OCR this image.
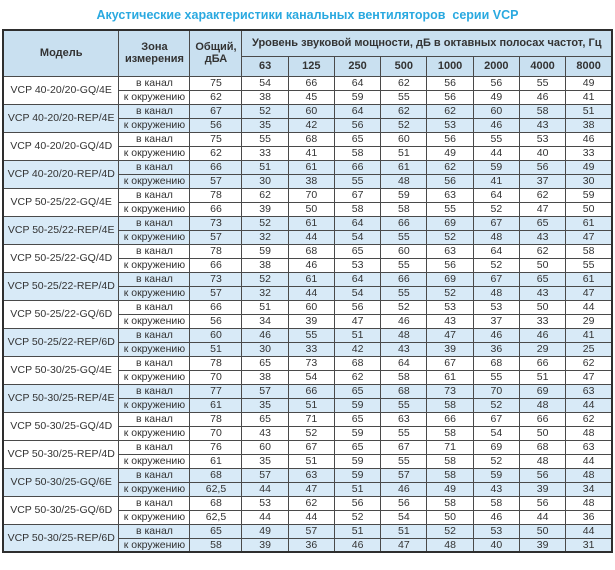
Акустические характеристики канальных вентиляторов  серии VCP
Модель	Зона измерения	Общий, дБА	Уровень звуковой мощности, дБ в октавных полосах частот, Гц							
			63	125	250	500	1000	2000	4000	8000
VCP 40-20/20-GQ/4E	в канал	75	54	66	64	62	56	56	55	49
	к окружению	62	38	45	59	55	56	49	46	41
VCP 40-20/20-REP/4E	в канал	67	52	60	64	62	62	60	58	51
	к окружению	56	35	42	56	52	53	46	43	38
VCP 40-20/20-GQ/4D	в канал	75	55	68	65	60	56	55	53	46
	к окружению	62	33	41	58	51	49	44	40	33
VCP 40-20/20-REP/4D	в канал	66	51	61	66	61	62	59	56	49
	к окружению	57	30	38	55	48	56	41	37	30
VCP 50-25/22-GQ/4E	в канал	78	62	70	67	59	63	64	62	59
	к окружению	66	39	50	58	58	55	52	47	50
VCP 50-25/22-REP/4E	в канал	73	52	61	64	66	69	67	65	61
	к окружению	57	32	44	54	55	52	48	43	47
VCP 50-25/22-GQ/4D	в канал	78	59	68	65	60	63	64	62	58
	к окружению	66	38	46	53	55	56	52	50	55
VCP 50-25/22-REP/4D	в канал	73	52	61	64	66	69	67	65	61
	к окружению	57	32	44	54	55	52	48	43	47
VCP 50-25/22-GQ/6D	в канал	66	51	60	56	52	53	53	50	44
	к окружению	56	34	39	47	46	43	37	33	29
VCP 50-25/22-REP/6D	в канал	60	46	55	51	48	47	46	46	41
	к окружению	51	30	33	42	43	39	36	29	25
VCP 50-30/25-GQ/4E	в канал	78	65	73	68	64	67	68	66	62
	к окружению	70	38	54	62	58	61	55	51	47
VCP 50-30/25-REP/4E	в канал	77	57	66	65	68	73	70	69	63
	к окружению	61	35	51	59	55	58	52	48	44
VCP 50-30/25-GQ/4D	в канал	78	65	71	65	63	66	67	66	62
	к окружению	70	43	52	59	55	58	54	50	48
VCP 50-30/25-REP/4D	в канал	76	60	67	65	67	71	69	68	63
	к окружению	61	35	51	59	55	58	52	48	44
VCP 50-30/25-GQ/6E	в канал	68	57	63	59	57	58	59	56	48
	к окружению	62,5	44	47	51	46	49	43	39	34
VCP 50-30/25-GQ/6D	в канал	68	53	62	56	56	58	58	56	48
	к окружению	62,5	44	44	52	54	50	46	44	36
VCP 50-30/25-REP/6D	в канал	65	49	57	51	51	52	53	50	44
	к окружению	58	39	36	46	47	48	40	39	31
